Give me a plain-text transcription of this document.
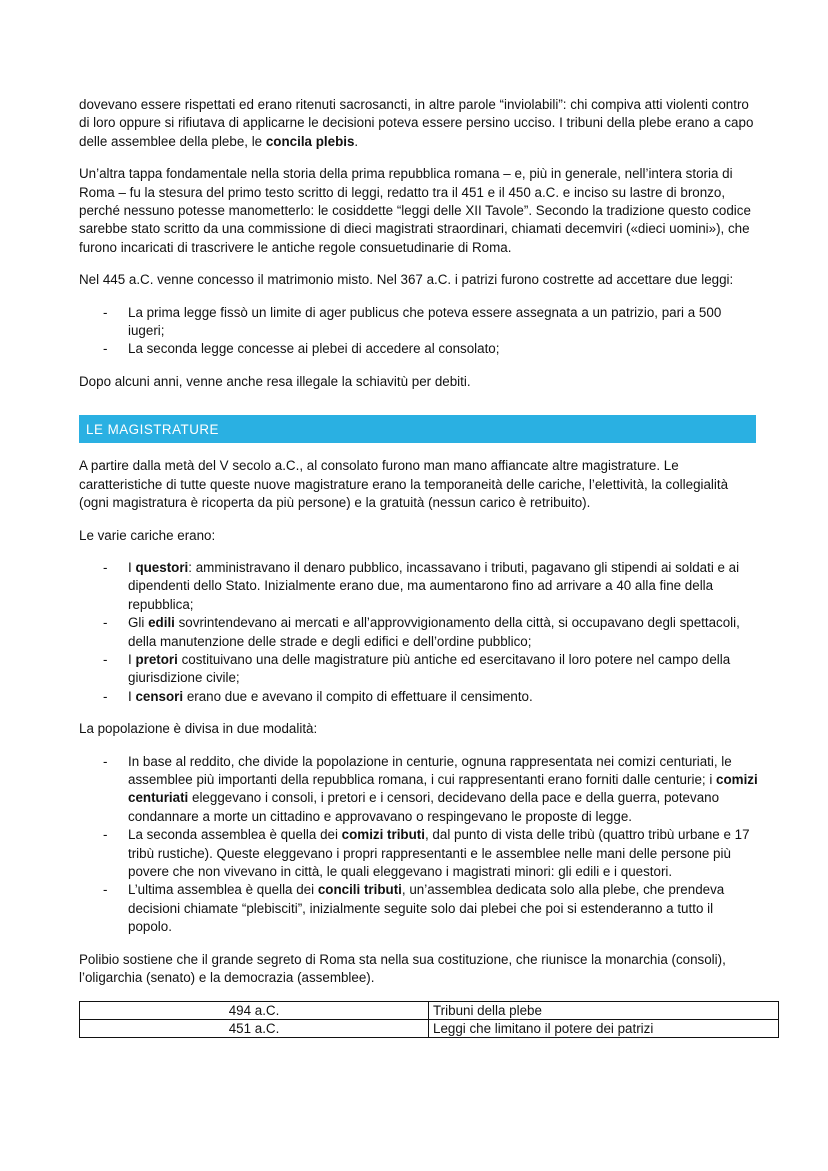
dovevano essere rispettati ed erano ritenuti sacrosancti, in altre parole “inviolabili”: chi compiva atti violenti contro di loro oppure si rifiutava di applicarne le decisioni poteva essere persino ucciso. I tribuni della plebe erano a capo delle assemblee della plebe, le concila plebis.

Un’altra tappa fondamentale nella storia della prima repubblica romana – e, più in generale, nell’intera storia di Roma – fu la stesura del primo testo scritto di leggi, redatto tra il 451 e il 450 a.C. e inciso su lastre di bronzo, perché nessuno potesse manometterlo: le cosiddette “leggi delle XII Tavole”. Secondo la tradizione questo codice sarebbe stato scritto da una commissione di dieci magistrati straordinari, chiamati decemviri («dieci uomini»), che furono incaricati di trascrivere le antiche regole consuetudinarie di Roma.

Nel 445 a.C. venne concesso il matrimonio misto. Nel 367 a.C. i patrizi furono costrette ad accettare due leggi:

- La prima legge fissò un limite di ager publicus che poteva essere assegnata a un patrizio, pari a 500 iugeri;
- La seconda legge concesse ai plebei di accedere al consolato;

Dopo alcuni anni, venne anche resa illegale la schiavitù per debiti.

LE MAGISTRATURE

A partire dalla metà del V secolo a.C., al consolato furono man mano affiancate altre magistrature. Le caratteristiche di tutte queste nuove magistrature erano la temporaneità delle cariche, l’elettività, la collegialità (ogni magistratura è ricoperta da più persone) e la gratuità (nessun carico è retribuito).

Le varie cariche erano:

- I questori: amministravano il denaro pubblico, incassavano i tributi, pagavano gli stipendi ai soldati e ai dipendenti dello Stato. Inizialmente erano due, ma aumentarono fino ad arrivare a 40 alla fine della repubblica;
- Gli edili sovrintendevano ai mercati e all’approvvigionamento della città, si occupavano degli spettacoli, della manutenzione delle strade e degli edifici e dell’ordine pubblico;
- I pretori costituivano una delle magistrature più antiche ed esercitavano il loro potere nel campo della giurisdizione civile;
- I censori erano due e avevano il compito di effettuare il censimento.

La popolazione è divisa in due modalità:

- In base al reddito, che divide la popolazione in centurie, ognuna rappresentata nei comizi centuriati, le assemblee più importanti della repubblica romana, i cui rappresentanti erano forniti dalle centurie; i comizi centuriati eleggevano i consoli, i pretori e i censori, decidevano della pace e della guerra, potevano condannare a morte un cittadino e approvavano o respingevano le proposte di legge.
- La seconda assemblea è quella dei comizi tributi, dal punto di vista delle tribù (quattro tribù urbane e 17 tribù rustiche). Queste eleggevano i propri rappresentanti e le assemblee nelle mani delle persone più povere che non vivevano in città, le quali eleggevano i magistrati minori: gli edili e i questori.
- L’ultima assemblea è quella dei concili tributi, un’assemblea dedicata solo alla plebe, che prendeva decisioni chiamate “plebisciti”, inizialmente seguite solo dai plebei che poi si estenderanno a tutto il popolo.

Polibio sostiene che il grande segreto di Roma sta nella sua costituzione, che riunisce la monarchia (consoli), l’oligarchia (senato) e la democrazia (assemblee).

494 a.C.	Tribuni della plebe
451 a.C.	Leggi che limitano il potere dei patrizi
